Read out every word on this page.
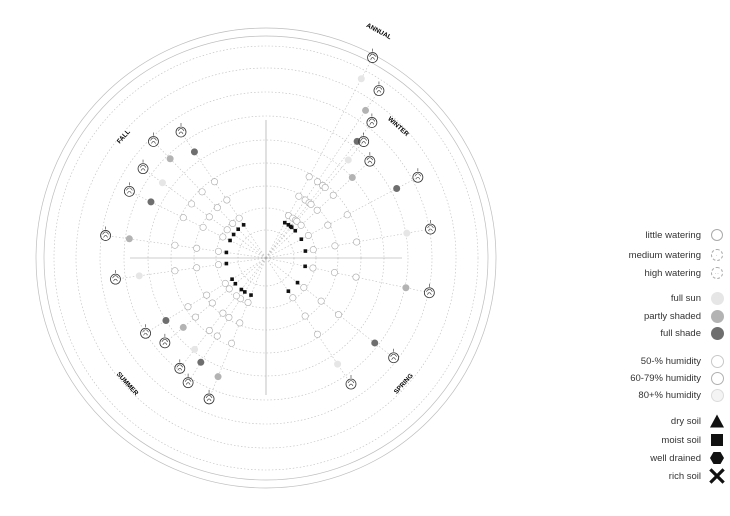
ANNUAL
WINTER
FALL
SPRING
SUMMER
little watering
medium watering	·
high watering	··
full sun
partly shaded
full shade
50-% humidity
60-79% humidity
80+% humidity
dry soil
moist soil
well drained
rich soil
